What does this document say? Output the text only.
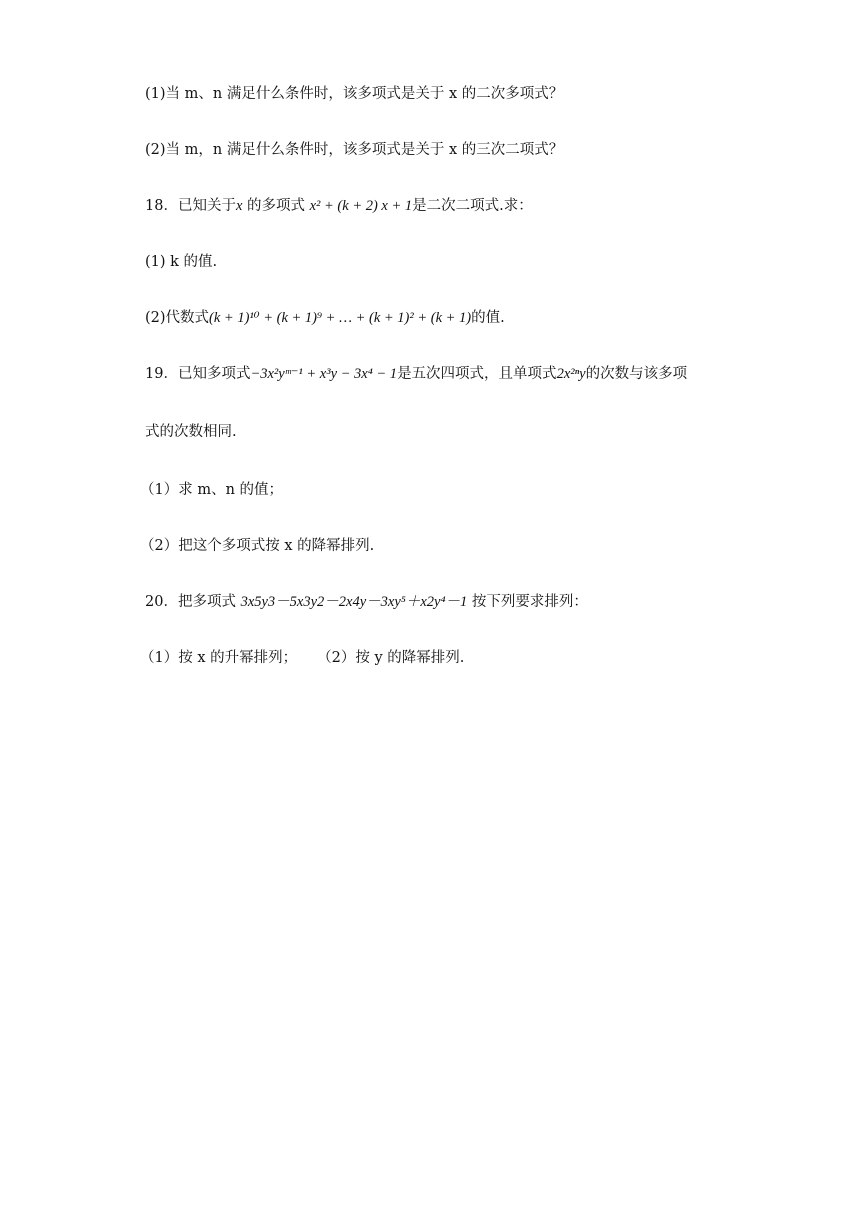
(1)当 m、n 满足什么条件时，该多项式是关于 x 的二次多项式？
(2)当 m，n 满足什么条件时，该多项式是关于 x 的三次二项式？
18．已知关于x 的多项式 x² + (k + 2) x + 1是二次二项式.求：
(1) k 的值.
(2)代数式(k + 1)¹⁰ + (k + 1)⁹ + … + (k + 1)² + (k + 1)的值.
19．已知多项式−3x²yᵐ⁻¹ + x³y − 3x⁴ − 1是五次四项式，且单项式2x²ⁿy的次数与该多项
式的次数相同.
（1）求 m、n 的值；
（2）把这个多项式按 x 的降幂排列.
20．把多项式 3x5y3－5x3y2－2x4y－3xy⁵＋x2y⁴－1 按下列要求排列：
（1）按 x 的升幂排列； （2）按 y 的降幂排列.
